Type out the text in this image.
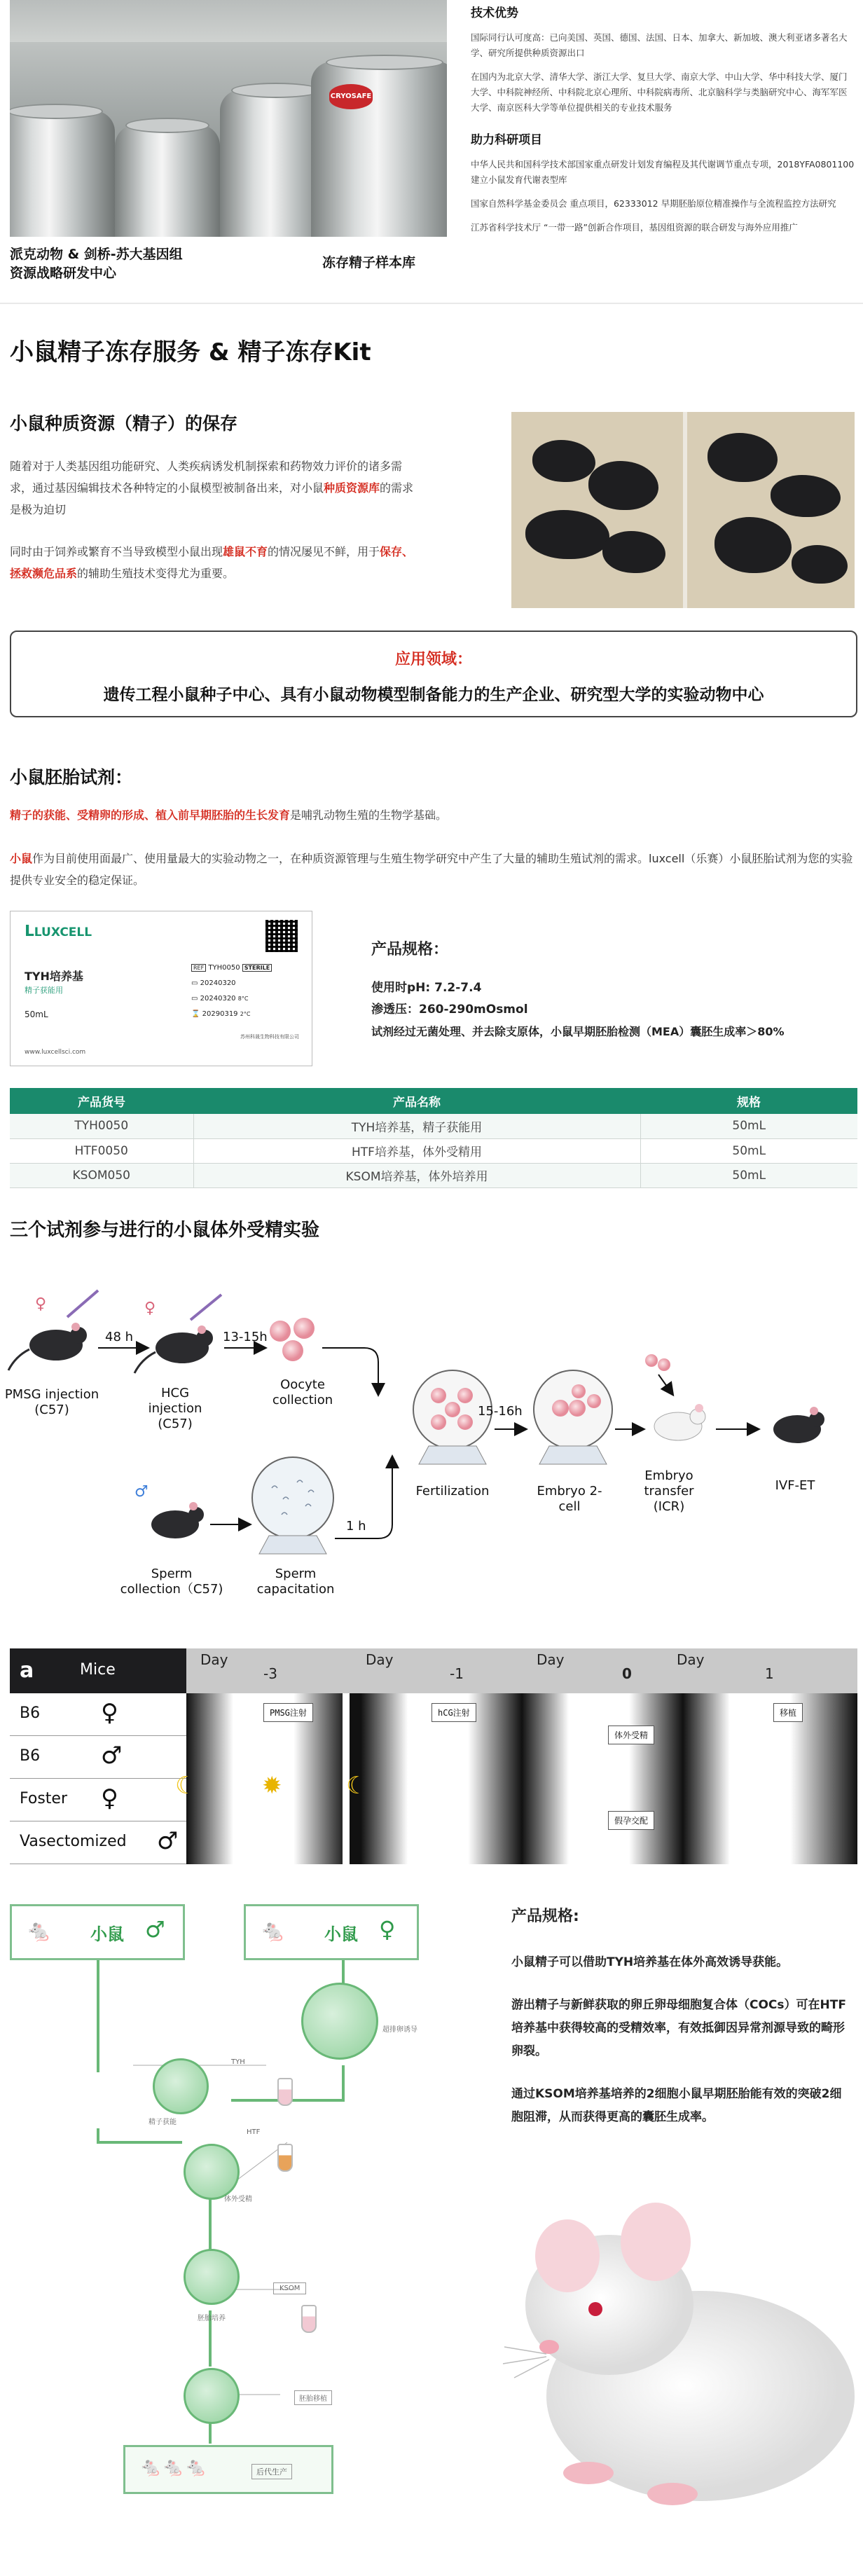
CRYOSAFE
派克动物 & 剑桥-苏大基因组
资源战略研发中心
冻存精子样本库
技术优势

国际同行认可度高：已向美国、英国、德国、法国、日本、加拿大、新加坡、澳大利亚诸多著名大学、研究所提供种质资源出口

在国内为北京大学、清华大学、浙江大学、复旦大学、南京大学、中山大学、华中科技大学、厦门大学、中科院神经所、中科院北京心理所、中科院病毒所、北京脑科学与类脑研究中心、海军军医大学、南京医科大学等单位提供相关的专业技术服务

助力科研项目

中华人民共和国科学技术部国家重点研发计划发育编程及其代谢调节重点专项，2018YFA0801100 建立小鼠发育代谢表型库

国家自然科学基金委员会 重点项目，62333012 早期胚胎原位精准操作与全流程监控方法研究

江苏省科学技术厅 “一带一路”创新合作项目，基因组资源的联合研发与海外应用推广

小鼠精子冻存服务 & 精子冻存Kit
小鼠种质资源（精子）的保存
随着对于人类基因组功能研究、人类疾病诱发机制探索和药物效力评价的诸多需求，通过基因编辑技术各种特定的小鼠模型被制备出来，对小鼠种质资源库的需求是极为迫切
同时由于饲养或繁育不当导致模型小鼠出现雄鼠不育的情况屡见不鲜，用于保存、拯救濒危品系的辅助生殖技术变得尤为重要。
应用领域：
遗传工程小鼠种子中心、具有小鼠动物模型制备能力的生产企业、研究型大学的实验动物中心
小鼠胚胎试剂：
精子的获能、受精卵的形成、植入前早期胚胎的生长发育是哺乳动物生殖的生物学基础。
小鼠作为目前使用面最广、使用量最大的实验动物之一，在种质资源管理与生殖生物学研究中产生了大量的辅助生殖试剂的需求。luxcell（乐赛）小鼠胚胎试剂为您的实验提供专业安全的稳定保证。
ᒪLUXCELL
TYH培养基
精子获能用
50mL
www.luxcellsci.com
REF TYH0050 STERILE
▭ 20240320
▭ 20240320 8°C
⌛ 20290319 2°C
苏州科晟生物科技有限公司
产品规格：

使用时pH: 7.2-7.4

渗透压：260-290mOsmol

试剂经过无菌处理、并去除支原体，小鼠早期胚胎检测（MEA）囊胚生成率＞80%

产品货号	产品名称	规格
TYH0050	TYH培养基，精子获能用	50mL
HTF0050	HTF培养基，体外受精用	50mL
KSOM050	KSOM培养基，体外培养用	50mL
三个试剂参与进行的小鼠体外受精实验
♀	♀
♂
PMSG injection
(C57)
48 h
HCG
injection
(C57)
13-15h
Oocyte
collection
Fertilization
15-16h
Embryo 2-
cell
Embryo
transfer
(ICR)
IVF-ET
Sperm
collection（C57)
Sperm
capacitation
1 h
a	Mice
Day
-3
Day
-1
Day
0
Day
1
B6	♀
B6	♂
Foster ♀
Vasectomized ♂
PMSG注射	hCG注射
体外受精
移植
假孕交配
☾	☾
✹
🐁 小鼠 ♂	🐁 小鼠 ♀
超排卵诱导
精子获能
TYH
HTF
体外受精
胚胎培养
KSOM
胚胎移植
🐁🐁🐁	后代生产
产品规格:

小鼠精子可以借助TYH培养基在体外高效诱导获能。

游出精子与新鲜获取的卵丘卵母细胞复合体（COCs）可在HTF培养基中获得较高的受精效率，有效抵御因异常剂源导致的畸形卵裂。

通过KSOM培养基培养的2细胞小鼠早期胚胎能有效的突破2细胞阻滞，从而获得更高的囊胚生成率。
